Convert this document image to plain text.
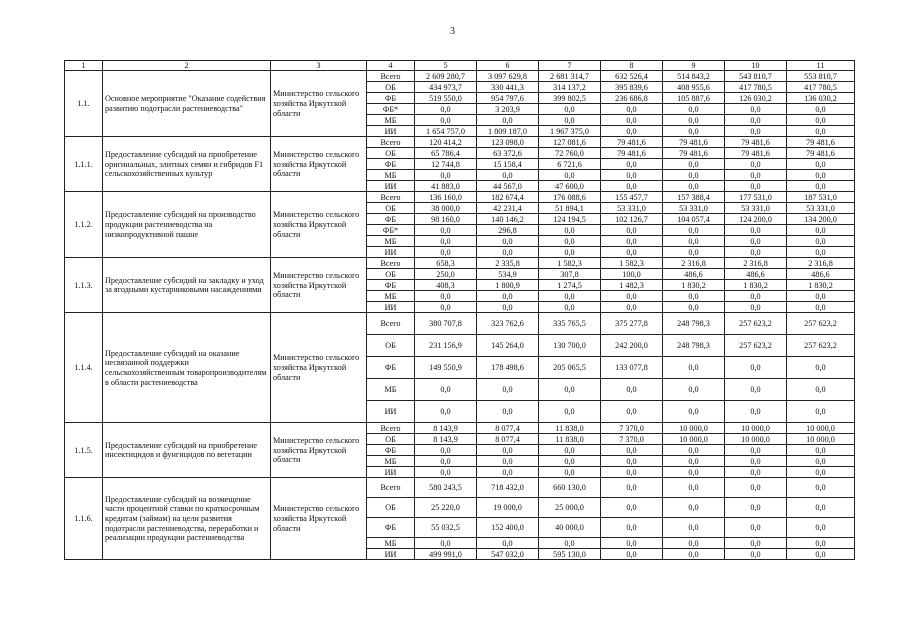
3
1	2	3	4	5	6	7	8	9	10	11
1.1.	Основное мероприятие "Оказание содействия развитию подотрасли растениеводства"	Министерство сельского хозяйства Иркутской области	Всего	2 609 280,7	3 097 629,8	2 681 314,7	632 526,4	514 843,2	543 810,7	553 810,7
			ОБ	434 973,7	330 441,3	314 137,2	395 839,6	408 955,6	417 780,5	417 780,5
			ФБ	519 550,0	954 797,6	399 802,5	236 686,8	105 887,6	126 030,2	136 030,2
			ФБ*	0,0	3 203,9	0,0	0,0	0,0	0,0	0,0
			МБ	0,0	0,0	0,0	0,0	0,0	0,0	0,0
			ИИ	1 654 757,0	1 809 187,0	1 967 375,0	0,0	0,0	0,0	0,0
1.1.1.	Предоставление субсидий на приобретение оригинальных, элитных семян и гибридов F1 сельскохозяйственных культур	Министерство сельского хозяйства Иркутской области	Всего	120 414,2	123 098,0	127 081,6	79 481,6	79 481,6	79 481,6	79 481,6
			ОБ	65 786,4	63 372,6	72 760,0	79 481,6	79 481,6	79 481,6	79 481,6
			ФБ	12 744,8	15 158,4	6 721,6	0,0	0,0	0,0	0,0
			МБ	0,0	0,0	0,0	0,0	0,0	0,0	0,0
			ИИ	41 883,0	44 567,0	47 600,0	0,0	0,0	0,0	0,0
1.1.2.	Предоставление субсидий на производство продукции растениеводства на низкопродуктивной пашне	Министерство сельского хозяйства Иркутской области	Всего	136 160,0	182 674,4	176 088,6	155 457,7	157 388,4	177 531,0	187 531,0
			ОБ	38 000,0	42 231,4	51 894,1	53 331,0	53 331,0	53 331,0	53 331,0
			ФБ	98 160,0	140 146,2	124 194,5	102 126,7	104 057,4	124 200,0	134 200,0
			ФБ*	0,0	296,8	0,0	0,0	0,0	0,0	0,0
			МБ	0,0	0,0	0,0	0,0	0,0	0,0	0,0
			ИИ	0,0	0,0	0,0	0,0	0,0	0,0	0,0
1.1.3.	Предоставление субсидий на закладку и уход за ягодными кустарниковыми насаждениями	Министерство сельского хозяйства Иркутской области	Всего	658,3	2 335,8	1 582,3	1 582,3	2 316,8	2 316,8	2 316,8
			ОБ	250,0	534,9	307,8	100,0	486,6	486,6	486,6
			ФБ	408,3	1 800,9	1 274,5	1 482,3	1 830,2	1 830,2	1 830,2
			МБ	0,0	0,0	0,0	0,0	0,0	0,0	0,0
			ИИ	0,0	0,0	0,0	0,0	0,0	0,0	0,0
1.1.4.	Предоставление субсидий на оказание несвязанной поддержки сельскохозяйственным товаропроизводителям в области растениеводства	Министерство сельского хозяйства Иркутской области	Всего	380 707,8	323 762,6	335 765,5	375 277,8	248 798,3	257 623,2	257 623,2
			ОБ	231 156,9	145 264,0	130 700,0	242 200,0	248 798,3	257 623,2	257 623,2
			ФБ	149 550,9	178 498,6	205 065,5	133 077,8	0,0	0,0	0,0
			МБ	0,0	0,0	0,0	0,0	0,0	0,0	0,0
			ИИ	0,0	0,0	0,0	0,0	0,0	0,0	0,0
1.1.5.	Предоставление субсидий на приобретение инсектицидов и фунгицидов по вегетации	Министерство сельского хозяйства Иркутской области	Всего	8 143,9	8 077,4	11 838,0	7 370,0	10 000,0	10 000,0	10 000,0
			ОБ	8 143,9	8 077,4	11 838,0	7 370,0	10 000,0	10 000,0	10 000,0
			ФБ	0,0	0,0	0,0	0,0	0,0	0,0	0,0
			МБ	0,0	0,0	0,0	0,0	0,0	0,0	0,0
			ИИ	0,0	0,0	0,0	0,0	0,0	0,0	0,0
1.1.6.	Предоставление субсидий на возмещение части процентной ставки по краткосрочным кредитам (займам) на цели развития подотрасли растениеводства, переработки и реализации продукции растениеводства	Министерство сельского хозяйства Иркутской области	Всего	580 243,5	718 432,0	660 130,0	0,0	0,0	0,0	0,0
			ОБ	25 220,0	19 000,0	25 000,0	0,0	0,0	0,0	0,0
			ФБ	55 032,5	152 400,0	40 000,0	0,0	0,0	0,0	0,0
			МБ	0,0	0,0	0,0	0,0	0,0	0,0	0,0
			ИИ	499 991,0	547 032,0	595 130,0	0,0	0,0	0,0	0,0
